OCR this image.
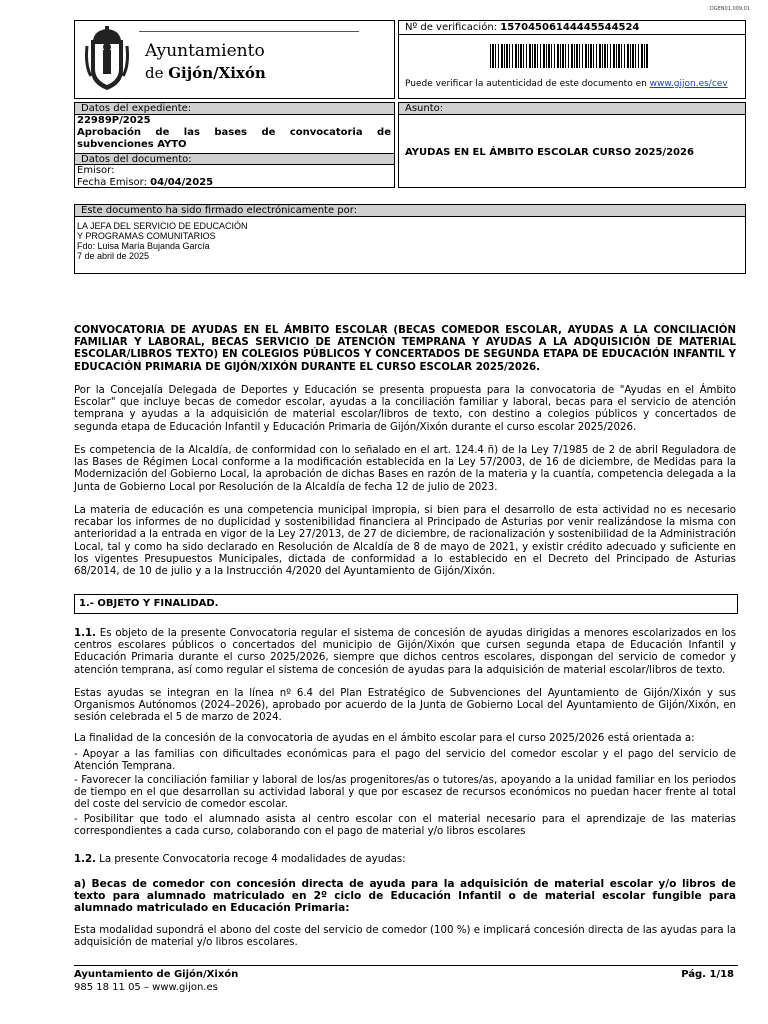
DGEN01.009.01
Ayuntamiento
de Gijón/Xixón
Nº de verificación: 15704506144445544524
Puede verificar la autenticidad de este documento en www.gijon.es/cev
Datos del expediente:
22989P/2025
Aprobación de las bases de convocatoria de subvenciones AYTO
Datos del documento:
Emisor:
Fecha Emisor: 04/04/2025
Asunto:
AYUDAS EN EL ÁMBITO ESCOLAR CURSO 2025/2026
Este documento ha sido firmado electrónicamente por:
LA JEFA DEL SERVICIO DE EDUCACIÓN
Y PROGRAMAS COMUNITARIOS
Fdo: Luisa María Bujanda García
7 de abril de 2025
CONVOCATORIA DE AYUDAS EN EL ÁMBITO ESCOLAR (BECAS COMEDOR ESCOLAR, AYUDAS A LA CONCILIACIÓN FAMILIAR Y LABORAL, BECAS SERVICIO DE ATENCIÓN TEMPRANA Y AYUDAS A LA ADQUISICIÓN DE MATERIAL ESCOLAR/LIBROS TEXTO) EN COLEGIOS PÚBLICOS Y CONCERTADOS DE SEGUNDA ETAPA DE EDUCACIÓN INFANTIL Y EDUCACIÓN PRIMARIA DE GIJÓN/XIXÓN DURANTE EL CURSO ESCOLAR 2025/2026.
Por la Concejalía Delegada de Deportes y Educación se presenta propuesta para la convocatoria de "Ayudas en el Ámbito Escolar" que incluye becas de comedor escolar, ayudas a la conciliación familiar y laboral, becas para el servicio de atención temprana y ayudas a la adquisición de material escolar/libros de texto, con destino a colegios públicos y concertados de segunda etapa de Educación Infantil y Educación Primaria de Gijón/Xixón durante el curso escolar 2025/2026.
Es competencia de la Alcaldía, de conformidad con lo señalado en el art. 124.4 ñ) de la Ley 7/1985 de 2 de abril Reguladora de las Bases de Régimen Local conforme a la modificación establecida en la Ley 57/2003, de 16 de diciembre, de Medidas para la Modernización del Gobierno Local, la aprobación de dichas Bases en razón de la materia y la cuantía, competencia delegada a la Junta de Gobierno Local por Resolución de la Alcaldía de fecha 12 de julio de 2023.
La materia de educación es una competencia municipal impropia, si bien para el desarrollo de esta actividad no es necesario recabar los informes de no duplicidad y sostenibilidad financiera al Principado de Asturias por venir realizándose la misma con anterioridad a la entrada en vigor de la Ley 27/2013, de 27 de diciembre, de racionalización y sostenibilidad de la Administración Local, tal y como ha sido declarado en Resolución de Alcaldía de 8 de mayo de 2021, y existir crédito adecuado y suficiente en los vigentes Presupuestos Municipales, dictada de conformidad a lo establecido en el Decreto del Principado de Asturias 68/2014, de 10 de julio y a la Instrucción 4/2020 del Ayuntamiento de Gijón/Xixón.
1.- OBJETO Y FINALIDAD.
1.1. Es objeto de la presente Convocatoria regular el sistema de concesión de ayudas dirigidas a menores escolarizados en los centros escolares públicos o concertados del municipio de Gijón/Xixón que cursen segunda etapa de Educación Infantil y Educación Primaria durante el curso 2025/2026, siempre que dichos centros escolares, dispongan del servicio de comedor y atención temprana, así como regular el sistema de concesión de ayudas para la adquisición de material escolar/libros de texto.
Estas ayudas se integran en la línea nº 6.4 del Plan Estratégico de Subvenciones del Ayuntamiento de Gijón/Xixón y sus Organismos Autónomos (2024–2026), aprobado por acuerdo de la Junta de Gobierno Local del Ayuntamiento de Gijón/Xixón, en sesión celebrada el 5 de marzo de 2024.
La finalidad de la concesión de la convocatoria de ayudas en el ámbito escolar para el curso 2025/2026 está orientada a:
- Apoyar a las familias con dificultades económicas para el pago del servicio del comedor escolar y el pago del servicio de Atención Temprana.
- Favorecer la conciliación familiar y laboral de los/as progenitores/as o tutores/as, apoyando a la unidad familiar en los periodos de tiempo en el que desarrollan su actividad laboral y que por escasez de recursos económicos no puedan hacer frente al total del coste del servicio de comedor escolar.
- Posibilitar que todo el alumnado asista al centro escolar con el material necesario para el aprendizaje de las materias correspondientes a cada curso, colaborando con el pago de material y/o libros escolares
1.2. La presente Convocatoria recoge 4 modalidades de ayudas:
a) Becas de comedor con concesión directa de ayuda para la adquisición de material escolar y/o libros de texto para alumnado matriculado en 2º ciclo de Educación Infantil o de material escolar fungible para alumnado matriculado en Educación Primaria:
Esta modalidad supondrá el abono del coste del servicio de comedor (100 %) e implicará concesión directa de las ayudas para la adquisición de material y/o libros escolares.
Ayuntamiento de Gijón/Xixón
985 18 11 05 – www.gijon.es
Pág. 1/18
